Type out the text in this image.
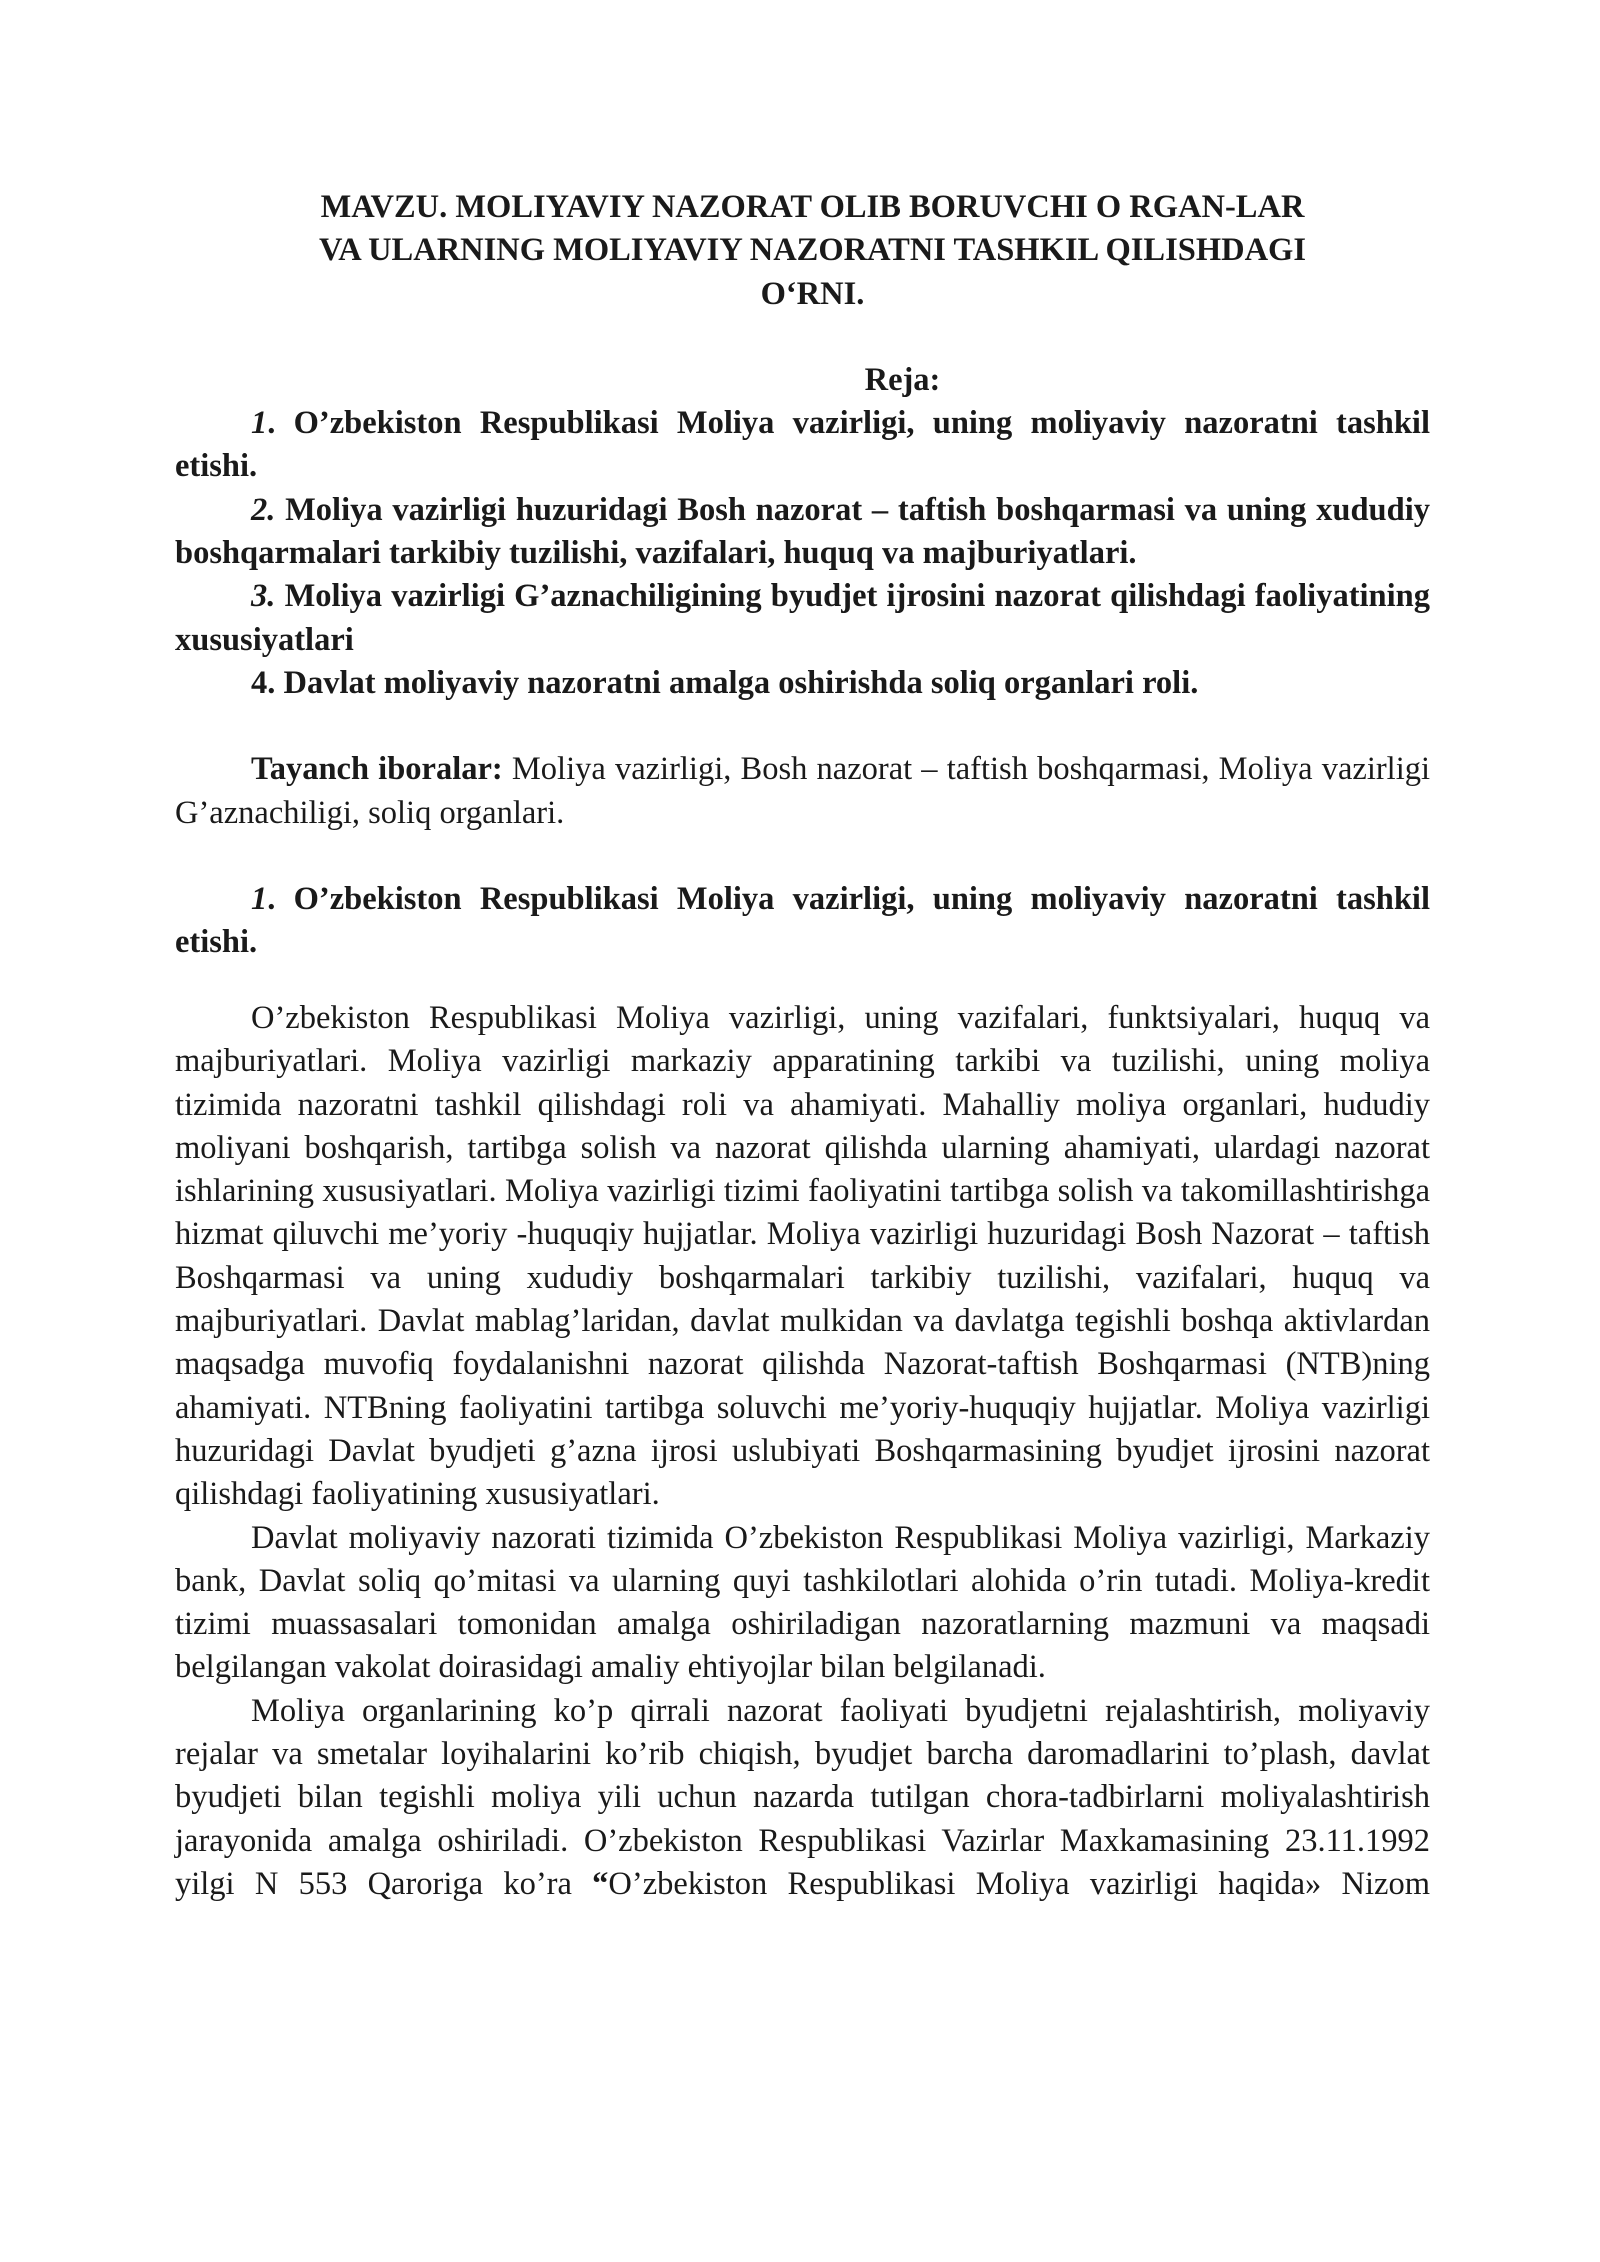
MAVZU. MOLIYAVIY NAZORAT OLIB BORUVCHI O RGAN-LAR
VA ULARNING MOLIYAVIY NAZORATNI TASHKIL QILISHDAGI
O‘RNI.

Reja:

1. O’zbekiston Respublikasi Moliya vazirligi, uning moliyaviy nazoratni tashkil etishi.

2. Moliya vazirligi huzuridagi Bosh nazorat – taftish boshqarmasi va uning xududiy boshqarmalari tarkibiy tuzilishi, vazifalari, huquq va majburiyatlari.

3. Moliya vazirligi G’aznachiligining byudjet ijrosini nazorat qilishdagi faoliyatining xususiyatlari

4. Davlat moliyaviy nazoratni amalga oshirishda soliq organlari roli.

Tayanch iboralar: Moliya vazirligi, Bosh nazorat – taftish boshqarmasi, Moliya vazirligi G’aznachiligi, soliq organlari.

1. O’zbekiston Respublikasi Moliya vazirligi, uning moliyaviy nazoratni tashkil etishi.

O’zbekiston Respublikasi Moliya vazirligi, uning vazifalari, funktsiyalari, huquq va majburiyatlari. Moliya vazirligi markaziy apparatining tarkibi va tuzilishi, uning moliya tizimida nazoratni tashkil qilishdagi roli va ahamiyati. Mahalliy moliya organlari, hududiy moliyani boshqarish, tartibga solish va nazorat qilishda ularning ahamiyati, ulardagi nazorat ishlarining xususiyatlari. Moliya vazirligi tizimi faoliyatini tartibga solish va takomillashtirishga hizmat qiluvchi me’yoriy -huquqiy hujjatlar. Moliya vazirligi huzuridagi Bosh Nazorat – taftish Boshqarmasi va uning xududiy boshqarmalari tarkibiy tuzilishi, vazifalari, huquq va majburiyatlari. Davlat mablag’laridan, davlat mulkidan va davlatga tegishli boshqa aktivlardan maqsadga muvofiq foydalanishni nazorat qilishda Nazorat-taftish Boshqarmasi (NTB)ning ahamiyati. NTBning faoliyatini tartibga soluvchi me’yoriy-huquqiy hujjatlar. Moliya vazirligi huzuridagi Davlat byudjeti g’azna ijrosi uslubiyati Boshqarmasining byudjet ijrosini nazorat qilishdagi faoliyatining xususiyatlari.

Davlat moliyaviy nazorati tizimida O’zbekiston Respublikasi Moliya vazirligi, Markaziy bank, Davlat soliq qo’mitasi va ularning quyi tashkilotlari alohida o’rin tutadi. Moliya-kredit tizimi muassasalari tomonidan amalga oshiriladigan nazoratlarning mazmuni va maqsadi belgilangan vakolat doirasidagi amaliy ehtiyojlar bilan belgilanadi.

Moliya organlarining ko’p qirrali nazorat faoliyati byudjetni rejalashtirish, moliyaviy rejalar va smetalar loyihalarini ko’rib chiqish, byudjet barcha daromadlarini to’plash, davlat byudjeti bilan tegishli moliya yili uchun nazarda tutilgan chora-tadbirlarni moliyalashtirish jarayonida amalga oshiriladi. O’zbekiston Respublikasi Vazirlar Maxkamasining 23.11.1992 yilgi N 553 Qaroriga ko’ra “O’zbekiston Respublikasi Moliya vazirligi haqida» Nizom
